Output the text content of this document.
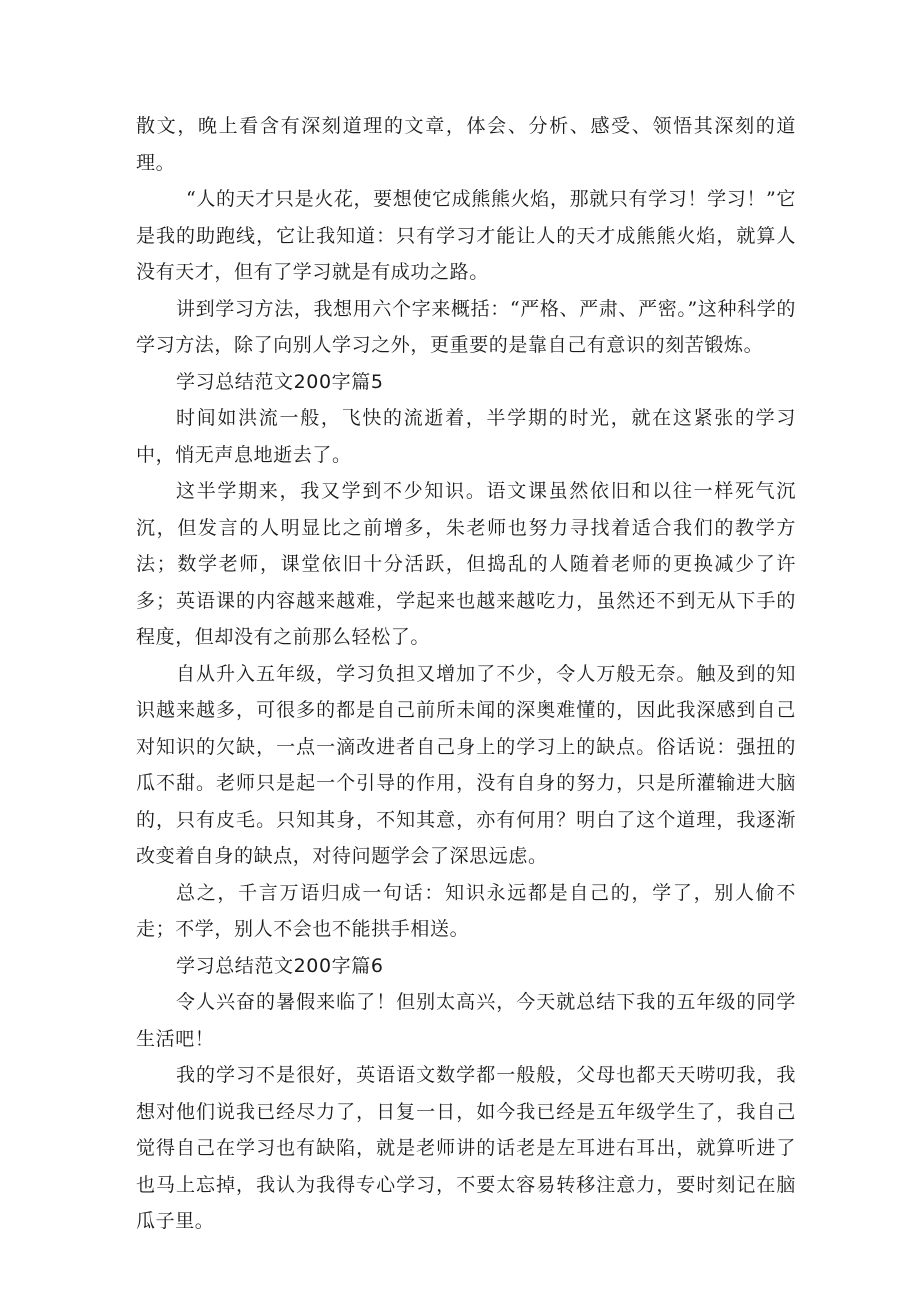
散文，晚上看含有深刻道理的文章，体会、分析、感受、领悟其深刻的道理。

“人的天才只是火花，要想使它成熊熊火焰，那就只有学习！学习！”它是我的助跑线，它让我知道：只有学习才能让人的天才成熊熊火焰，就算人没有天才，但有了学习就是有成功之路。

讲到学习方法，我想用六个字来概括：“严格、严肃、严密。”这种科学的学习方法，除了向别人学习之外，更重要的是靠自己有意识的刻苦锻炼。

学习总结范文200字篇5

时间如洪流一般，飞快的流逝着，半学期的时光，就在这紧张的学习中，悄无声息地逝去了。

这半学期来，我又学到不少知识。语文课虽然依旧和以往一样死气沉沉，但发言的人明显比之前增多，朱老师也努力寻找着适合我们的教学方法；数学老师，课堂依旧十分活跃，但捣乱的人随着老师的更换减少了许多；英语课的内容越来越难，学起来也越来越吃力，虽然还不到无从下手的程度，但却没有之前那么轻松了。

自从升入五年级，学习负担又增加了不少，令人万般无奈。触及到的知识越来越多，可很多的都是自己前所未闻的深奥难懂的，因此我深感到自己对知识的欠缺，一点一滴改进者自己身上的学习上的缺点。俗话说：强扭的瓜不甜。老师只是起一个引导的作用，没有自身的努力，只是所灌输进大脑的，只有皮毛。只知其身，不知其意，亦有何用？明白了这个道理，我逐渐改变着自身的缺点，对待问题学会了深思远虑。

总之，千言万语归成一句话：知识永远都是自己的，学了，别人偷不走；不学，别人不会也不能拱手相送。

学习总结范文200字篇6

令人兴奋的暑假来临了！但别太高兴，今天就总结下我的五年级的同学生活吧！

我的学习不是很好，英语语文数学都一般般，父母也都天天唠叨我，我想对他们说我已经尽力了，日复一日，如今我已经是五年级学生了，我自己觉得自己在学习也有缺陷，就是老师讲的话老是左耳进右耳出，就算听进了也马上忘掉，我认为我得专心学习，不要太容易转移注意力，要时刻记在脑瓜子里。
